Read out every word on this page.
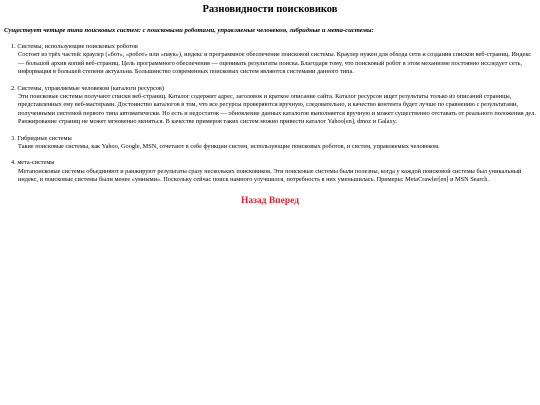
Разновидности поисковиков

Существует четыре типа поисковых систем: с поисковыми роботами, управляемые человеком, гибридные и мета-системы:

1. Системы, использующие поисковых роботов
Состоят из трёх частей: краулер («бот», «робот» или «паук»), индекс и программное обеспечение поисковой системы. Краулер нужен для обхода сети и создания списков веб-страниц. Индекс — большой архив копий веб-страниц. Цель программного обеспечения — оценивать результаты поиска. Благодаря тому, что поисковый робот в этом механизме постоянно исследует сеть, информация в большей степени актуальна. Большинство современных поисковых систем являются системами данного типа.
2. Системы, управляемые человеком (каталоги ресурсов)
Эти поисковые системы получают списки веб-страниц. Каталог содержит адрес, заголовок и краткое описание сайта. Каталог ресурсов ищет результаты только из описаний страницы, представленных ему веб-мастерами. Достоинство каталогов в том, что все ресурсы проверяются вручную, следовательно, и качество контента будет лучше по сравнению с результатами, полученными системой первого типа автоматически. Но есть и недостаток — обновление данных каталогов выполняется вручную и может существенно отставать от реального положения дел. Ранжирование страниц не может мгновенно меняться. В качестве примеров таких систем можно привести каталог Yahoo[en], dmoz и Galaxy.
3. Гибридные системы
Такие поисковые системы, как Yahoo, Google, MSN, сочетают в себе функции систем, использующие поисковых роботов, и систем, управляемых человеком.
4. мета-системы
Метапоисковые системы объединяют и ранжируют результаты сразу нескольких поисковиков. Эти поисковые системы были полезны, когда у каждой поисковой системы был уникальный индекс, и поисковые системы были менее «умными». Поскольку сейчас поиск намного улучшился, потребность в них уменьшилась. Примеры: MetaCrawler[en] и MSN Search.
Назад Вперед
